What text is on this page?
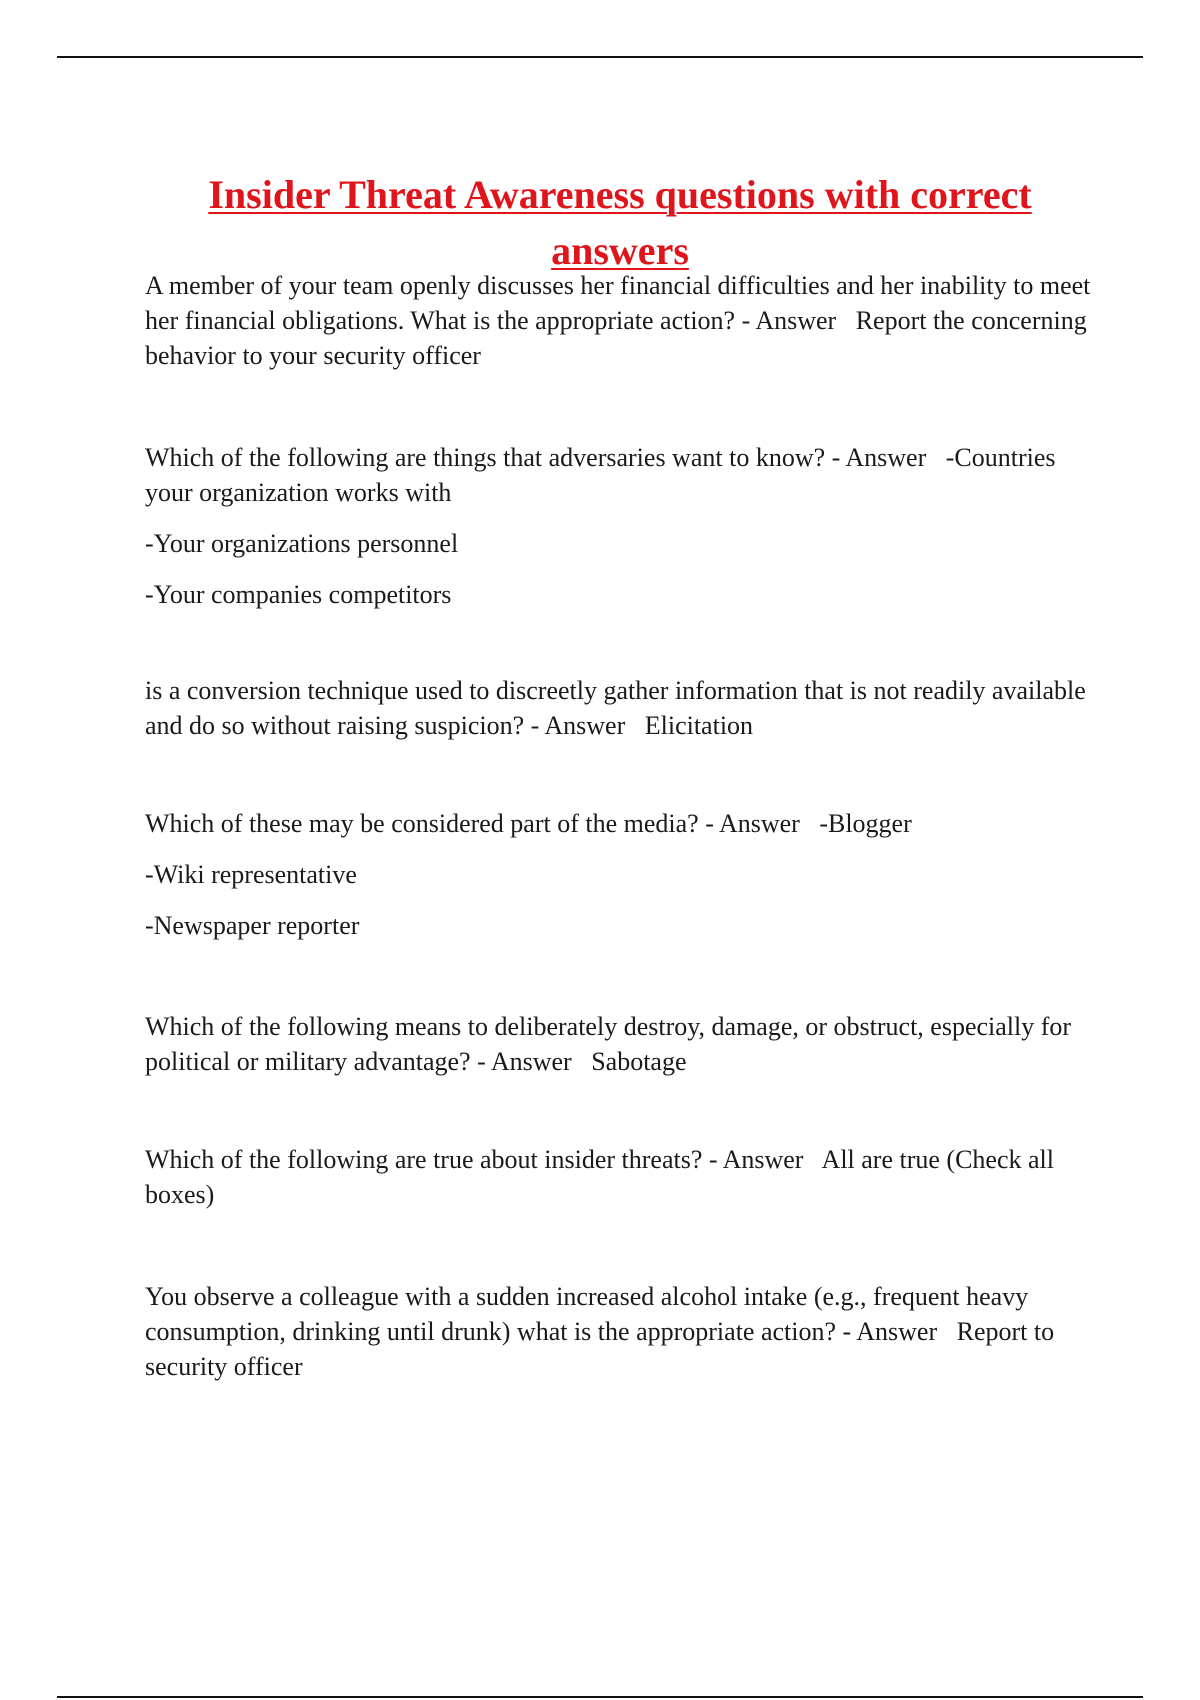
Insider Threat Awareness questions with correct answers

A member of your team openly discusses her financial difficulties and her inability to meet her financial obligations. What is the appropriate action? - Answer Report the concerning behavior to your security officer

Which of the following are things that adversaries want to know? - Answer -Countries your organization works with

-Your organizations personnel

-Your companies competitors

is a conversion technique used to discreetly gather information that is not readily available and do so without raising suspicion? - Answer Elicitation

Which of these may be considered part of the media? - Answer -Blogger

-Wiki representative

-Newspaper reporter

Which of the following means to deliberately destroy, damage, or obstruct, especially for political or military advantage? - Answer Sabotage

Which of the following are true about insider threats? - Answer All are true (Check all boxes)

You observe a colleague with a sudden increased alcohol intake (e.g., frequent heavy consumption, drinking until drunk) what is the appropriate action? - Answer Report to security officer
